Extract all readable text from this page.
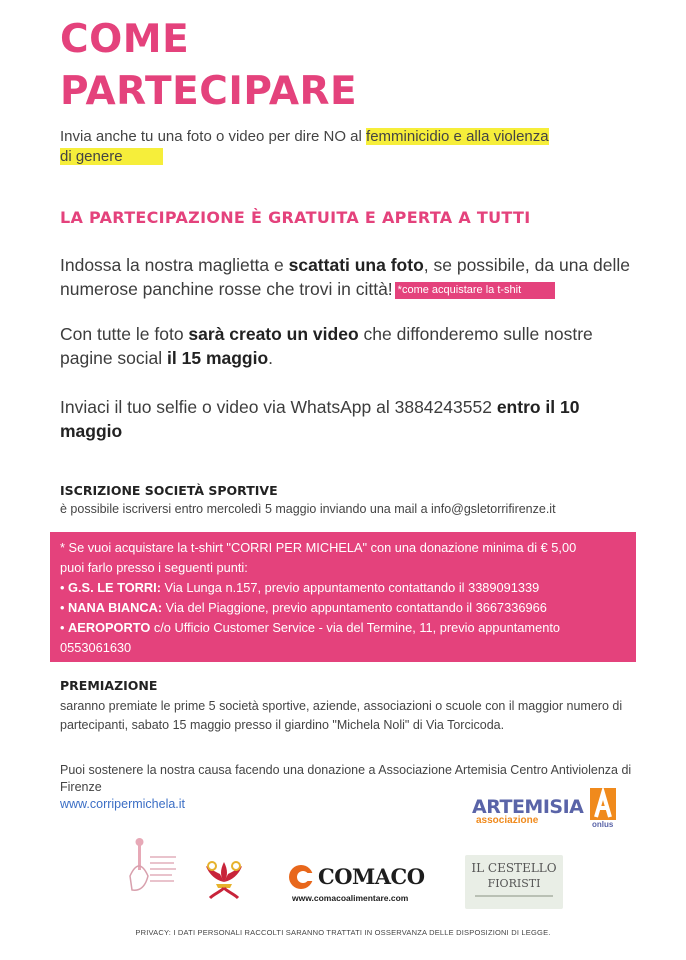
COME
PARTECIPARE
Invia anche tu una foto o video per dire NO al femminicidio e alla violenza
di genere
LA PARTECIPAZIONE È GRATUITA E APERTA A TUTTI
Indossa la nostra maglietta e scattati una foto, se possibile, da una delle numerose panchine rosse che trovi in città! *come acquistare la t-shit
Con tutte le foto sarà creato un video che diffonderemo sulle nostre pagine social il 15 maggio.
Inviaci il tuo selfie o video via WhatsApp al 3884243552 entro il 10 maggio
ISCRIZIONE SOCIETÀ SPORTIVE
è possibile iscriversi entro mercoledì 5 maggio inviando una mail a info@gsletorrifirenze.it
* Se vuoi acquistare la t-shirt "CORRI PER MICHELA" con una donazione minima di € 5,00
puoi farlo presso i seguenti punti:
• G.S. LE TORRI: Via Lunga n.157, previo appuntamento contattando il 3389091339
• NANA BIANCA: Via del Piaggione, previo appuntamento contattando il 3667336966
• AEROPORTO c/o Ufficio Customer Service - via del Termine, 11, previo appuntamento
0553061630
PREMIAZIONE
saranno premiate le prime 5 società sportive, aziende, associazioni o scuole con il maggior numero di partecipanti, sabato 15 maggio presso il giardino "Michela Noli" di Via Torcicoda.
Puoi sostenere la nostra causa facendo una donazione a Associazione Artemisia Centro Antiviolenza di Firenze
www.corripermichela.it	ARTEMISIA
associazione	onlus
COMACO
www.comacoalimentare.com
IL CESTELLO
FIORISTI
PRIVACY: I DATI PERSONALI RACCOLTI SARANNO TRATTATI IN OSSERVANZA DELLE DISPOSIZIONI DI LEGGE.
